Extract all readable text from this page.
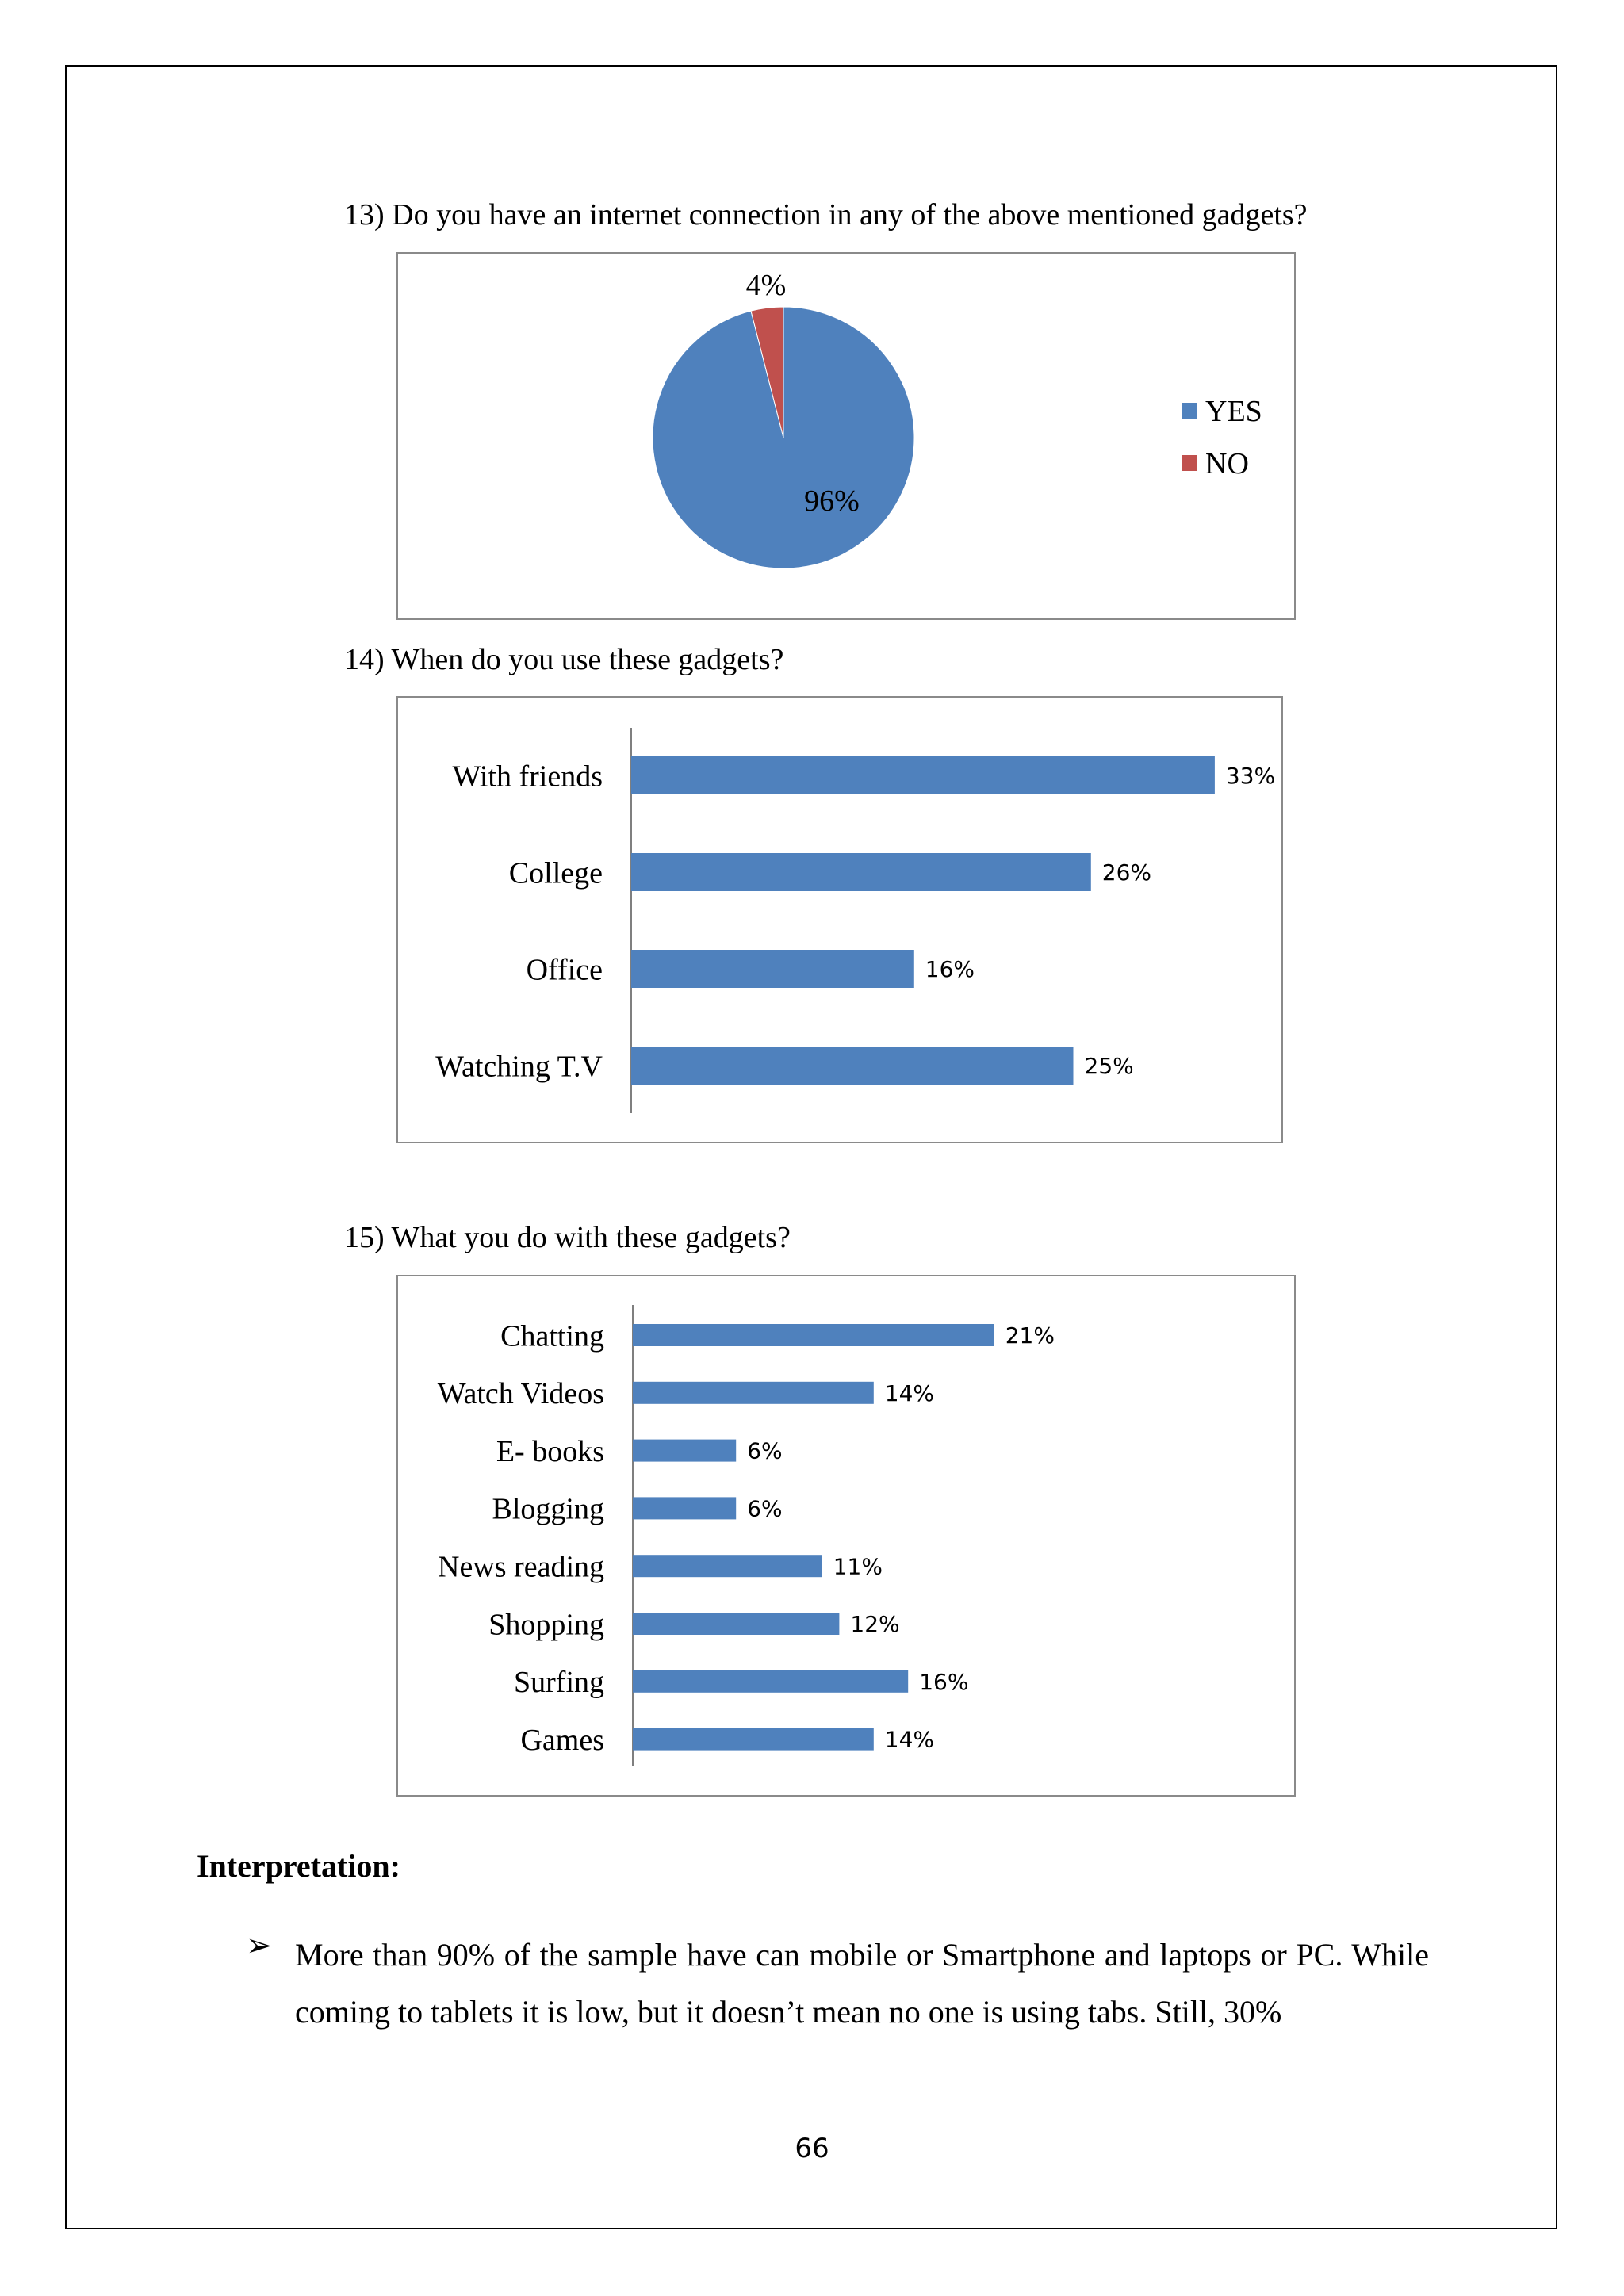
13) Do you have an internet connection in any of the above mentioned gadgets?
96%
4%
YES
NO
14) When do you use these gadgets?
With friends	33%
College	26%
Office	16%
Watching T.V	25%
15) What you do with these gadgets?
Chatting	21%
Watch Videos	14%
E- books	6%
Blogging	6%
News reading	11%
Shopping	12%
Surfing	16%
Games	14%
Interpretation:
➢ More than 90% of the sample have can mobile or Smartphone and laptops or PC. While coming to tablets it is low, but it doesn’t mean no one is using tabs. Still, 30%
66
